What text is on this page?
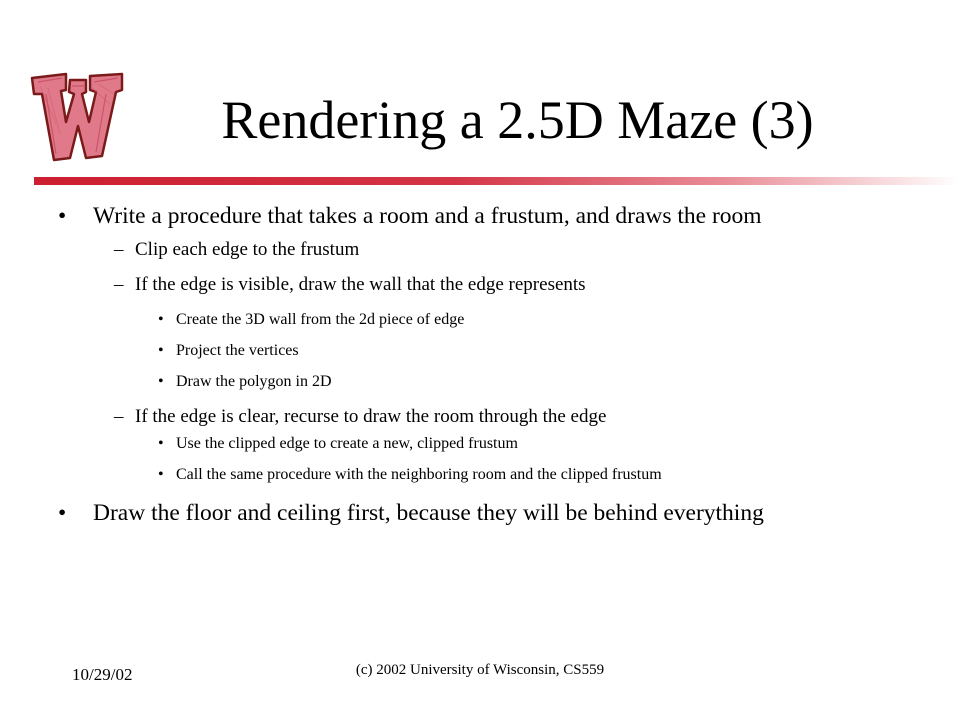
Rendering a 2.5D Maze (3)
• Write a procedure that takes a room and a frustum, and draws the room
– Clip each edge to the frustum
– If the edge is visible, draw the wall that the edge represents
• Create the 3D wall from the 2d piece of edge
• Project the vertices
• Draw the polygon in 2D
– If the edge is clear, recurse to draw the room through the edge
• Use the clipped edge to create a new, clipped frustum
• Call the same procedure with the neighboring room and the clipped frustum
• Draw the floor and ceiling first, because they will be behind everything
10/29/02	(c) 2002 University of Wisconsin, CS559
